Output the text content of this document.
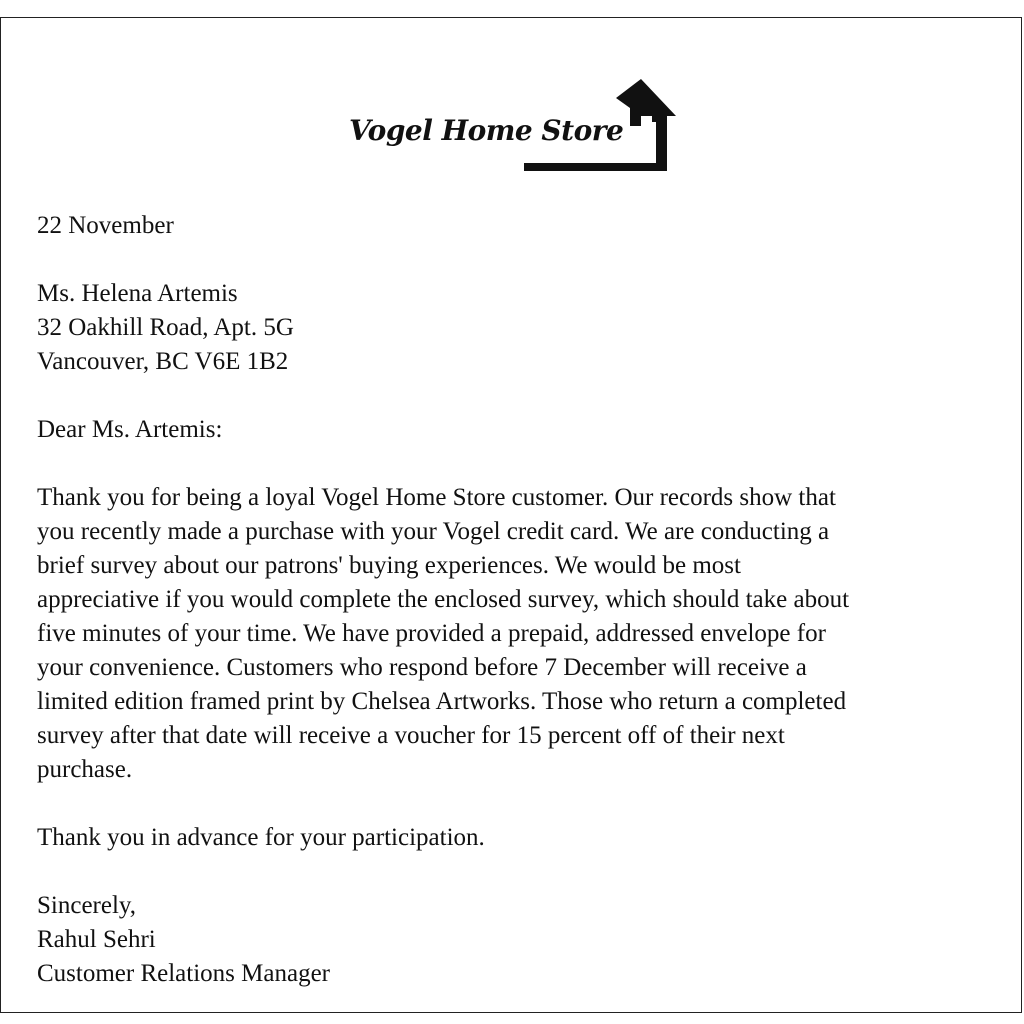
Vogel Home Store
22 November
Ms. Helena Artemis
32 Oakhill Road, Apt. 5G
Vancouver, BC V6E 1B2
Dear Ms. Artemis:
Thank you for being a loyal Vogel Home Store customer. Our records show that
you recently made a purchase with your Vogel credit card. We are conducting a
brief survey about our patrons' buying experiences. We would be most
appreciative if you would complete the enclosed survey, which should take about
five minutes of your time. We have provided a prepaid, addressed envelope for
your convenience. Customers who respond before 7 December will receive a
limited edition framed print by Chelsea Artworks. Those who return a completed
survey after that date will receive a voucher for 15 percent off of their next
purchase.
Thank you in advance for your participation.
Sincerely,
Rahul Sehri
Customer Relations Manager
